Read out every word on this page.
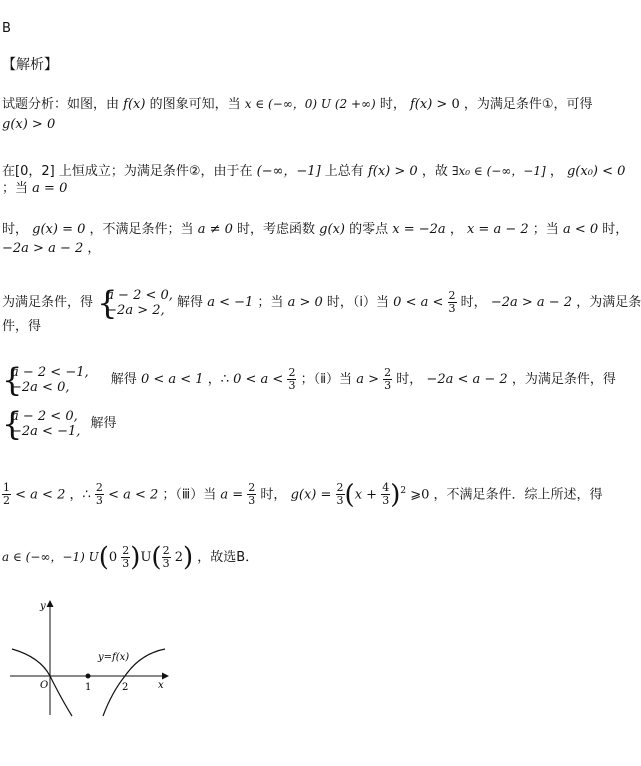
B
【解析】
试题分析：如图，由 f(x) 的图象可知，当 x ∈ (−∞，0) U (2 +∞) 时， f(x) > 0 ，为满足条件①，可得
g(x) > 0
在[0，2] 上恒成立；为满足条件②，由于在 (−∞，−1] 上总有 f(x) > 0 ，故 ∃x₀ ∈ (−∞，−1] ， g(x₀) < 0
；当 a = 0
时， g(x) = 0 ，不满足条件；当 a ≠ 0 时，考虑函数 g(x) 的零点 x = −2a ， x = a − 2 ；当 a < 0 时，
−2a > a − 2 ，
为满足条件，得 {
a − 2 < 0,
−2a > 2, 解得 a < −1 ；当 a > 0 时，（ⅰ）当 $0 < a < \frac{2}{3}$ 时， −2a > a − 2 ，为满足条
件，得
{
a − 2 < −1,
−2a < 0,	解得 0 < a < 1 ，∴ $0 < a < \frac{2}{3}$ ；（ⅱ）当 $a > \frac{2}{3}$ 时， −2a < a − 2 ，为满足条件，得
{
a − 2 < 0,
−2a < −1, 解得
$\frac{1}{2} < a < 2$ ，∴ $\frac{2}{3} < a < 2$ ；（ⅲ）当 $a = \frac{2}{3}$ 时， $g(x) = \frac{2}{3} (x + \frac{4}{3} )^2$ ⩾0 ，不满足条件．综上所述，得
a ∈ (−∞，−1) $U(0 \frac{2}{3} )U( \frac{2}{3} 2)$ ，故选B．
y
x
O	1	2
y=f(x)
